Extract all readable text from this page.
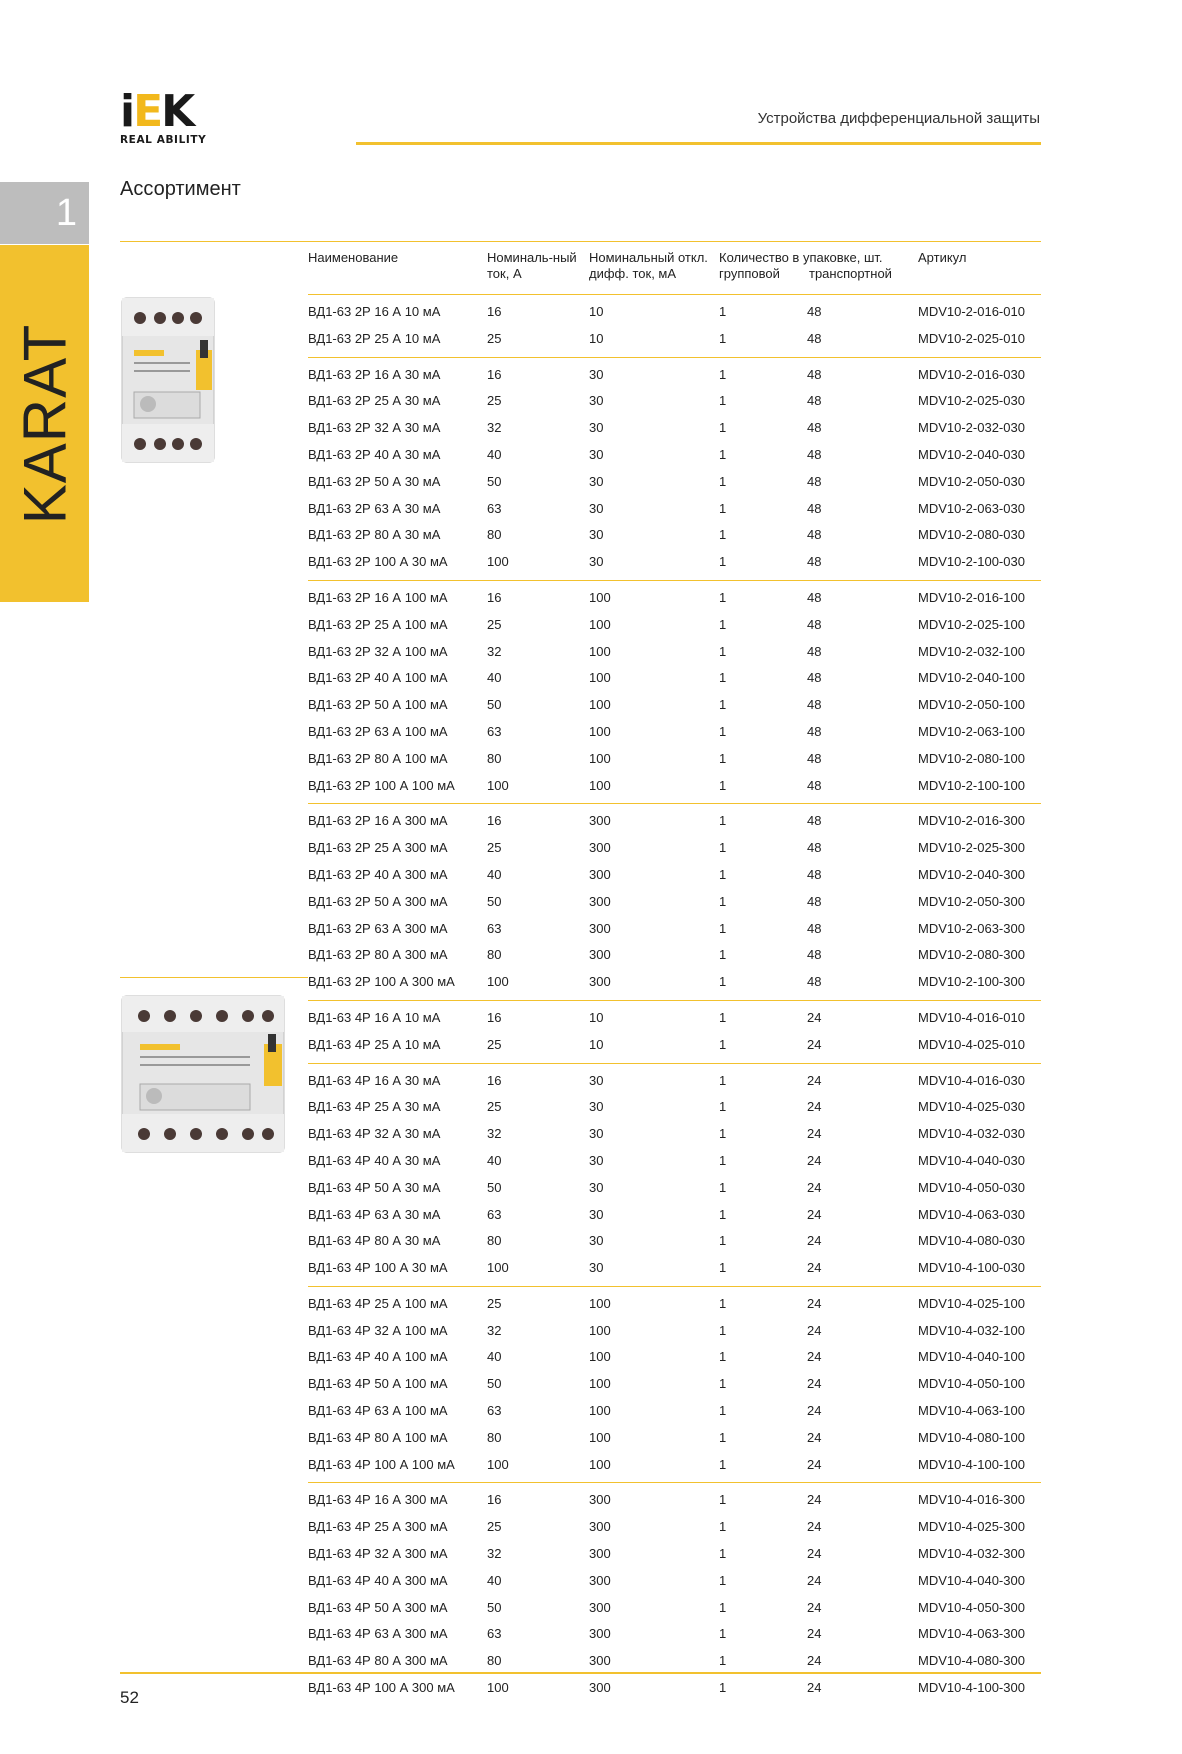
iEK
REAL ABILITY
Устройства дифференциальной защиты
1
KARAT
Ассортимент
Наименование	Номиналь-ный
ток, А
Номинальный откл.
дифф. ток, мА
Количество в упаковке, шт.
групповой транспортной
Артикул
ВД1-63 2Р 16 А 10 мА	16	10	1	48	MDV10-2-016-010
ВД1-63 2Р 25 А 10 мА	25	10	1	48	MDV10-2-025-010
ВД1-63 2Р 16 А 30 мА	16	30	1	48	MDV10-2-016-030
ВД1-63 2Р 25 А 30 мА	25	30	1	48	MDV10-2-025-030
ВД1-63 2Р 32 А 30 мА	32	30	1	48	MDV10-2-032-030
ВД1-63 2Р 40 А 30 мА	40	30	1	48	MDV10-2-040-030
ВД1-63 2Р 50 А 30 мА	50	30	1	48	MDV10-2-050-030
ВД1-63 2Р 63 А 30 мА	63	30	1	48	MDV10-2-063-030
ВД1-63 2Р 80 А 30 мА	80	30	1	48	MDV10-2-080-030
ВД1-63 2Р 100 А 30 мА	100	30	1	48	MDV10-2-100-030
ВД1-63 2Р 16 А 100 мА	16	100	1	48	MDV10-2-016-100
ВД1-63 2Р 25 А 100 мА	25	100	1	48	MDV10-2-025-100
ВД1-63 2Р 32 А 100 мА	32	100	1	48	MDV10-2-032-100
ВД1-63 2Р 40 А 100 мА	40	100	1	48	MDV10-2-040-100
ВД1-63 2Р 50 А 100 мА	50	100	1	48	MDV10-2-050-100
ВД1-63 2Р 63 А 100 мА	63	100	1	48	MDV10-2-063-100
ВД1-63 2Р 80 А 100 мА	80	100	1	48	MDV10-2-080-100
ВД1-63 2Р 100 А 100 мА 100	100	1	48	MDV10-2-100-100
ВД1-63 2Р 16 А 300 мА	16	300	1	48	MDV10-2-016-300
ВД1-63 2Р 25 А 300 мА	25	300	1	48	MDV10-2-025-300
ВД1-63 2Р 40 А 300 мА	40	300	1	48	MDV10-2-040-300
ВД1-63 2Р 50 А 300 мА	50	300	1	48	MDV10-2-050-300
ВД1-63 2Р 63 А 300 мА	63	300	1	48	MDV10-2-063-300
ВД1-63 2Р 80 А 300 мА	80	300	1	48	MDV10-2-080-300
ВД1-63 2Р 100 А 300 мА 100	300	1	48	MDV10-2-100-300
ВД1-63 4Р 16 А 10 мА	16	10	1	24	MDV10-4-016-010
ВД1-63 4Р 25 А 10 мА	25	10	1	24	MDV10-4-025-010
ВД1-63 4Р 16 А 30 мА	16	30	1	24	MDV10-4-016-030
ВД1-63 4Р 25 А 30 мА	25	30	1	24	MDV10-4-025-030
ВД1-63 4Р 32 А 30 мА	32	30	1	24	MDV10-4-032-030
ВД1-63 4Р 40 А 30 мА	40	30	1	24	MDV10-4-040-030
ВД1-63 4Р 50 А 30 мА	50	30	1	24	MDV10-4-050-030
ВД1-63 4Р 63 А 30 мА	63	30	1	24	MDV10-4-063-030
ВД1-63 4Р 80 А 30 мА	80	30	1	24	MDV10-4-080-030
ВД1-63 4Р 100 А 30 мА	100	30	1	24	MDV10-4-100-030
ВД1-63 4Р 25 А 100 мА	25	100	1	24	MDV10-4-025-100
ВД1-63 4Р 32 А 100 мА	32	100	1	24	MDV10-4-032-100
ВД1-63 4Р 40 А 100 мА	40	100	1	24	MDV10-4-040-100
ВД1-63 4Р 50 А 100 мА	50	100	1	24	MDV10-4-050-100
ВД1-63 4Р 63 А 100 мА	63	100	1	24	MDV10-4-063-100
ВД1-63 4Р 80 А 100 мА	80	100	1	24	MDV10-4-080-100
ВД1-63 4Р 100 А 100 мА 100	100	1	24	MDV10-4-100-100
ВД1-63 4Р 16 А 300 мА	16	300	1	24	MDV10-4-016-300
ВД1-63 4Р 25 А 300 мА	25	300	1	24	MDV10-4-025-300
ВД1-63 4Р 32 А 300 мА	32	300	1	24	MDV10-4-032-300
ВД1-63 4Р 40 А 300 мА	40	300	1	24	MDV10-4-040-300
ВД1-63 4Р 50 А 300 мА	50	300	1	24	MDV10-4-050-300
ВД1-63 4Р 63 А 300 мА	63	300	1	24	MDV10-4-063-300
ВД1-63 4Р 80 А 300 мА	80	300	1	24	MDV10-4-080-300
ВД1-63 4Р 100 А 300 мА 100	300	1	24	MDV10-4-100-300
52
